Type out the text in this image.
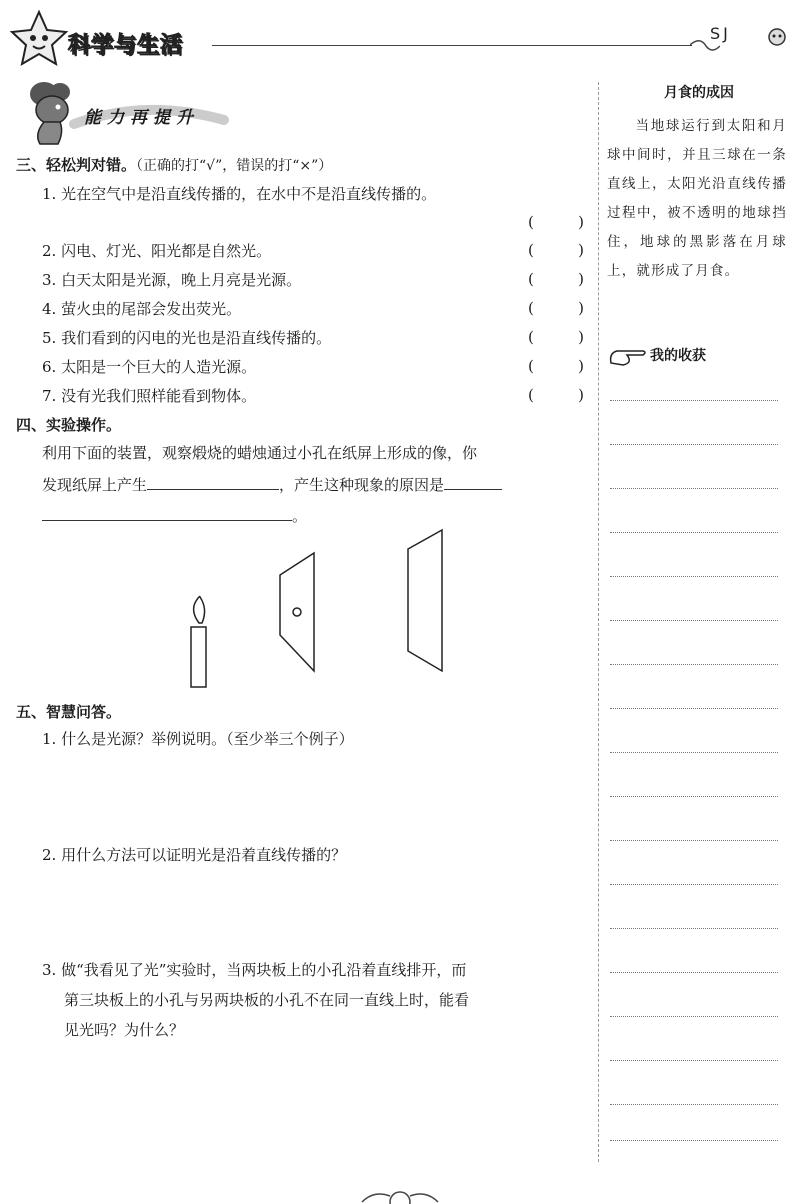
科学与生活	SJ
能力再提升
三、轻松判对错。（正确的打“√”，错误的打“×”）
1. 光在空气中是沿直线传播的，在水中不是沿直线传播的。
(	)
2. 闪电、灯光、阳光都是自然光。	(	)
3. 白天太阳是光源，晚上月亮是光源。	(	)
4. 萤火虫的尾部会发出荧光。	(	)
5. 我们看到的闪电的光也是沿直线传播的。	(	)
6. 太阳是一个巨大的人造光源。	(	)
7. 没有光我们照样能看到物体。	(	)
四、实验操作。
利用下面的装置，观察煅烧的蜡烛通过小孔在纸屏上形成的像，你
发现纸屏上产生	，产生这种现象的原因是
。
五、智慧问答。
1. 什么是光源？举例说明。（至少举三个例子）
2. 用什么方法可以证明光是沿着直线传播的？
3. 做“我看见了光”实验时，当两块板上的小孔沿着直线排开，而
第三块板上的小孔与另两块板的小孔不在同一直线上时，能看
见光吗？为什么？
月食的成因
当地球运行到太阳和月球中间时，并且三球在一条直线上，太阳光沿直线传播过程中，被不透明的地球挡住，地球的黑影落在月球上，就形成了月食。
我的收获
